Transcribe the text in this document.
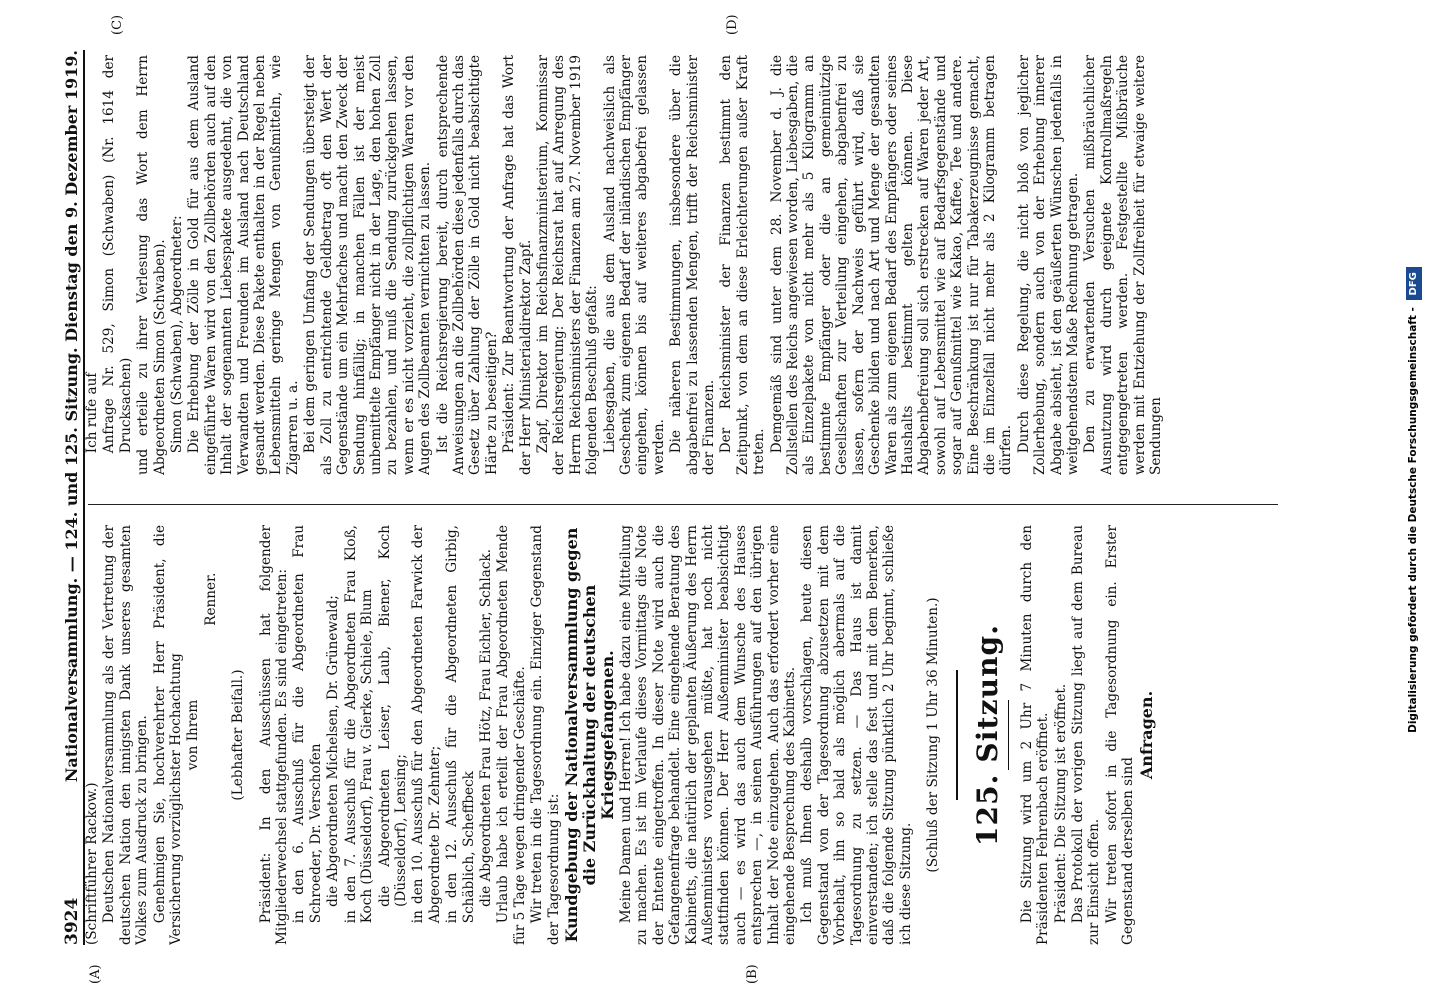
3924
Nationalversammlung. — 124. und 125. Sitzung. Dienstag den 9. Dezember 1919.
(A)	(B)
(C)	(D)

(Schriftführer Rackow.) Deutschen Nationalversammlung als der Vertretung der deutschen Nation den innigsten Dank unseres gesamten Volkes zum Ausdruck zu bringen. Genehmigen Sie, hochverehrter Herr Präsident, die Versicherung vorzüglichster Hochachtung von Ihrem

Renner.

(Lebhafter Beifall.) Präsident: In den Ausschüssen hat folgender Mitgliederwechsel stattgefunden. Es sind eingetreten: in den 6. Ausschuß für die Abgeordneten Frau Schroeder, Dr. Verschofen die Abgeordneten Michelsen, Dr. Grünewald; in den 7. Ausschuß für die Abgeordneten Frau Kloß, Koch (Düsseldorf), Frau v. Gierke, Schiele, Blum die Abgeordneten Leiser, Laub, Biener, Koch (Düsseldorf), Lensing; in den 10. Ausschuß für den Abgeordneten Farwick der Abgeordnete Dr. Zehnter; in den 12. Ausschuß für die Abgeordneten Girbig, Schäblich, Scheffbeck die Abgeordneten Frau Hötz, Frau Eichler, Schlack. Urlaub habe ich erteilt der Frau Abgeordneten Mende für 5 Tage wegen dringender Geschäfte. Wir treten in die Tagesordnung ein. Einziger Gegenstand der Tagesordnung ist: Kundgebung der Nationalversammlung gegen die Zurückhaltung der deutschen Kriegsgefangenen. Meine Damen und Herren! Ich habe dazu eine Mitteilung zu machen. Es ist im Verlaufe dieses Vormittags die Note der Entente eingetroffen. In dieser Note wird auch die Gefangenenfrage behandelt. Eine eingehende Beratung des Kabinetts, die natürlich der geplanten Äußerung des Herrn Außenministers vorausgehen müßte, hat noch nicht stattfinden können. Der Herr Außenminister beabsichtigt auch — es wird das auch dem Wunsche des Hauses entsprechen —, in seinen Ausführungen auf den übrigen Inhalt der Note einzugehen. Auch das erfordert vorher eine eingehende Besprechung des Kabinetts. Ich muß Ihnen deshalb vorschlagen, heute diesen Gegenstand von der Tagesordnung abzusetzen mit dem Vorbehalt, ihn so bald als möglich abermals auf die Tagesordnung zu setzen. — Das Haus ist damit einverstanden; ich stelle das fest und mit dem Bemerken, daß die folgende Sitzung pünktlich 2 Uhr beginnt, schließe ich diese Sitzung.

(Schluß der Sitzung 1 Uhr 36 Minuten.) 125. Sitzung. Die Sitzung wird um 2 Uhr 7 Minuten durch den Präsidenten Fehrenbach eröffnet. Präsident: Die Sitzung ist eröffnet. Das Protokoll der vorigen Sitzung liegt auf dem Bureau zur Einsicht offen. Wir treten sofort in die Tagesordnung ein. Erster Gegenstand derselben sind

Anfragen.

Ich rufe auf Anfrage Nr. 529, Simon (Schwaben) (Nr. 1614 der Drucksachen) und erteile zu ihrer Verlesung das Wort dem Herrn Abgeordneten Simon (Schwaben). Simon (Schwaben), Abgeordneter: Die Erhebung der Zölle in Gold für aus dem Ausland eingeführte Waren wird von den Zollbehörden auch auf den Inhalt der sogenannten Liebespakete ausgedehnt, die von Verwandten und Freunden im Ausland nach Deutschland gesandt werden. Diese Pakete enthalten in der Regel neben Lebensmitteln geringe Mengen von Genußmitteln, wie Zigarren u. a. Bei dem geringen Umfang der Sendungen übersteigt der als Zoll zu entrichtende Geldbetrag oft den Wert der Gegenstände um ein Mehrfaches und macht den Zweck der Sendung hinfällig; in manchen Fällen ist der meist unbemittelte Empfänger nicht in der Lage, den hohen Zoll zu bezahlen, und muß die Sendung zurückgehen lassen, wenn er es nicht vorzieht, die zollpflichtigen Waren vor den Augen des Zollbeamten vernichten zu lassen. Ist die Reichsregierung bereit, durch entsprechende Anweisungen an die Zollbehörden diese jedenfalls durch das Gesetz über Zahlung der Zölle in Gold nicht beabsichtigte Härte zu beseitigen? Präsident: Zur Beantwortung der Anfrage hat das Wort der Herr Ministerialdirektor Zapf. Zapf, Direktor im Reichsfinanzministerium, Kommissar der Reichsregierung: Der Reichsrat hat auf Anregung des Herrn Reichsministers der Finanzen am 27. November 1919 folgenden Beschluß gefaßt: Liebesgaben, die aus dem Ausland nachweislich als Geschenk zum eigenen Bedarf der inländischen Empfänger eingehen, können bis auf weiteres abgabefrei gelassen werden. Die näheren Bestimmungen, insbesondere über die abgabenfrei zu lassenden Mengen, trifft der Reichsminister der Finanzen. Der Reichsminister der Finanzen bestimmt den Zeitpunkt, von dem an diese Erleichterungen außer Kraft treten. Demgemäß sind unter dem 28. November d. J. die Zollstellen des Reichs angewiesen worden, Liebesgaben, die als Einzelpakete von nicht mehr als 5 Kilogramm an bestimmte Empfänger oder die an gemeinnützige Gesellschaften zur Verteilung eingehen, abgabenfrei zu lassen, sofern der Nachweis geführt wird, daß sie Geschenke bilden und nach Art und Menge der gesandten Waren als zum eigenen Bedarf des Empfängers oder seines Haushalts bestimmt gelten können. Diese Abgabenbefreiung soll sich erstrecken auf Waren jeder Art, sowohl auf Lebensmittel wie auf Bedarfsgegenstände und sogar auf Genußmittel wie Kakao, Kaffee, Tee und andere. Eine Beschränkung ist nur für Tabakerzeugnisse gemacht, die im Einzelfall nicht mehr als 2 Kilogramm betragen dürfen. Durch diese Regelung, die nicht bloß von jeglicher Zollerhebung, sondern auch von der Erhebung innerer Abgabe absieht, ist den geäußerten Wünschen jedenfalls in weitgehendstem Maße Rechnung getragen. Den zu erwartenden Versuchen mißbräuchlicher Ausnutzung wird durch geeignete Kontrollmaßregeln entgegengetreten werden. Festgestellte Mißbräuche werden mit Entziehung der Zollfreiheit für etwaige weitere Sendungen	Digitalisierung gefördert durch die Deutsche Forschungsgemeinschaft - DFG
